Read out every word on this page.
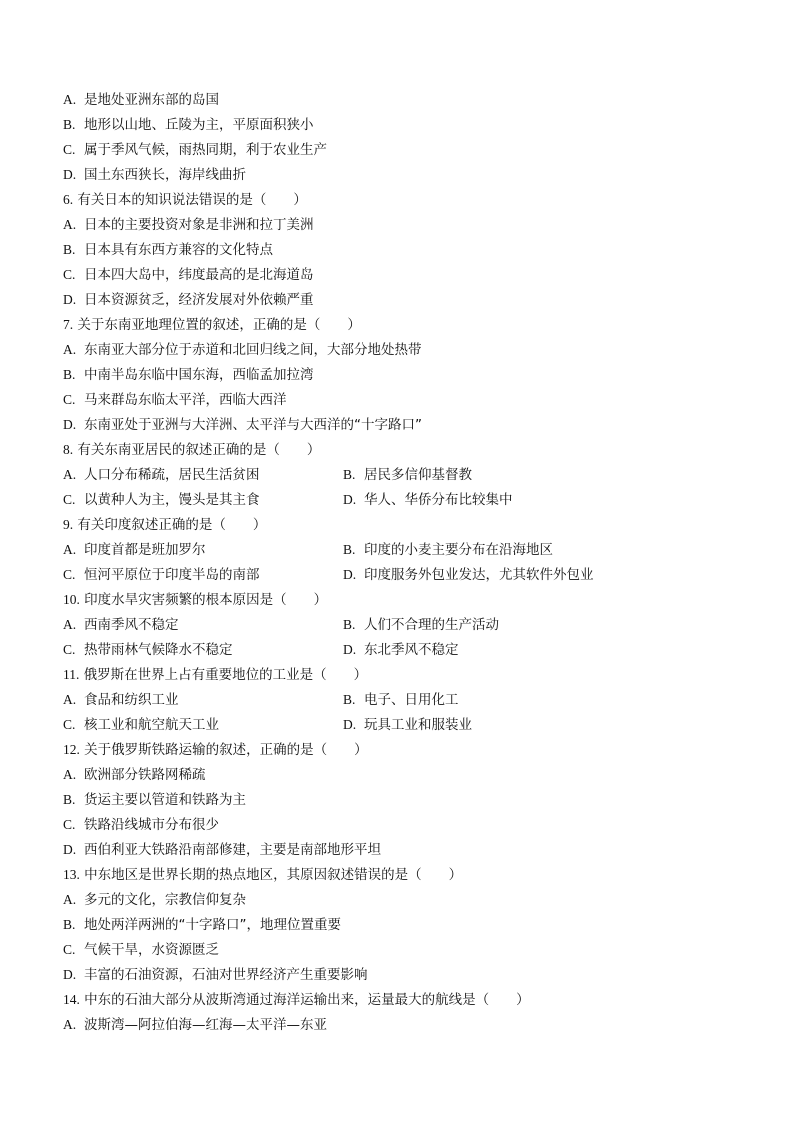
A. 是地处亚洲东部的岛国
B. 地形以山地、丘陵为主，平原面积狭小
C. 属于季风气候，雨热同期，利于农业生产
D. 国土东西狭长，海岸线曲折
6. 有关日本的知识说法错误的是（　　）
A. 日本的主要投资对象是非洲和拉丁美洲
B. 日本具有东西方兼容的文化特点
C. 日本四大岛中，纬度最高的是北海道岛
D. 日本资源贫乏，经济发展对外依赖严重
7. 关于东南亚地理位置的叙述，正确的是（　　）
A. 东南亚大部分位于赤道和北回归线之间，大部分地处热带
B. 中南半岛东临中国东海，西临孟加拉湾
C. 马来群岛东临太平洋，西临大西洋
D. 东南亚处于亚洲与大洋洲、太平洋与大西洋的“十字路口”
8. 有关东南亚居民的叙述正确的是（　　）
A. 人口分布稀疏，居民生活贫困	B. 居民多信仰基督教
C. 以黄种人为主，馒头是其主食	D. 华人、华侨分布比较集中
9. 有关印度叙述正确的是（　　）
A. 印度首都是班加罗尔	B. 印度的小麦主要分布在沿海地区
C. 恒河平原位于印度半岛的南部	D. 印度服务外包业发达，尤其软件外包业
10. 印度水旱灾害频繁的根本原因是（　　）
A. 西南季风不稳定	B. 人们不合理的生产活动
C. 热带雨林气候降水不稳定	D. 东北季风不稳定
11. 俄罗斯在世界上占有重要地位的工业是（　　）
A. 食品和纺织工业	B. 电子、日用化工
C. 核工业和航空航天工业	D. 玩具工业和服装业
12. 关于俄罗斯铁路运输的叙述，正确的是（　　）
A. 欧洲部分铁路网稀疏
B. 货运主要以管道和铁路为主
C. 铁路沿线城市分布很少
D. 西伯利亚大铁路沿南部修建，主要是南部地形平坦
13. 中东地区是世界长期的热点地区，其原因叙述错误的是（　　）
A. 多元的文化，宗教信仰复杂
B. 地处两洋两洲的“十字路口”，地理位置重要
C. 气候干旱，水资源匮乏
D. 丰富的石油资源，石油对世界经济产生重要影响
14. 中东的石油大部分从波斯湾通过海洋运输出来，运量最大的航线是（　　）
A. 波斯湾—阿拉伯海—红海—太平洋—东亚
